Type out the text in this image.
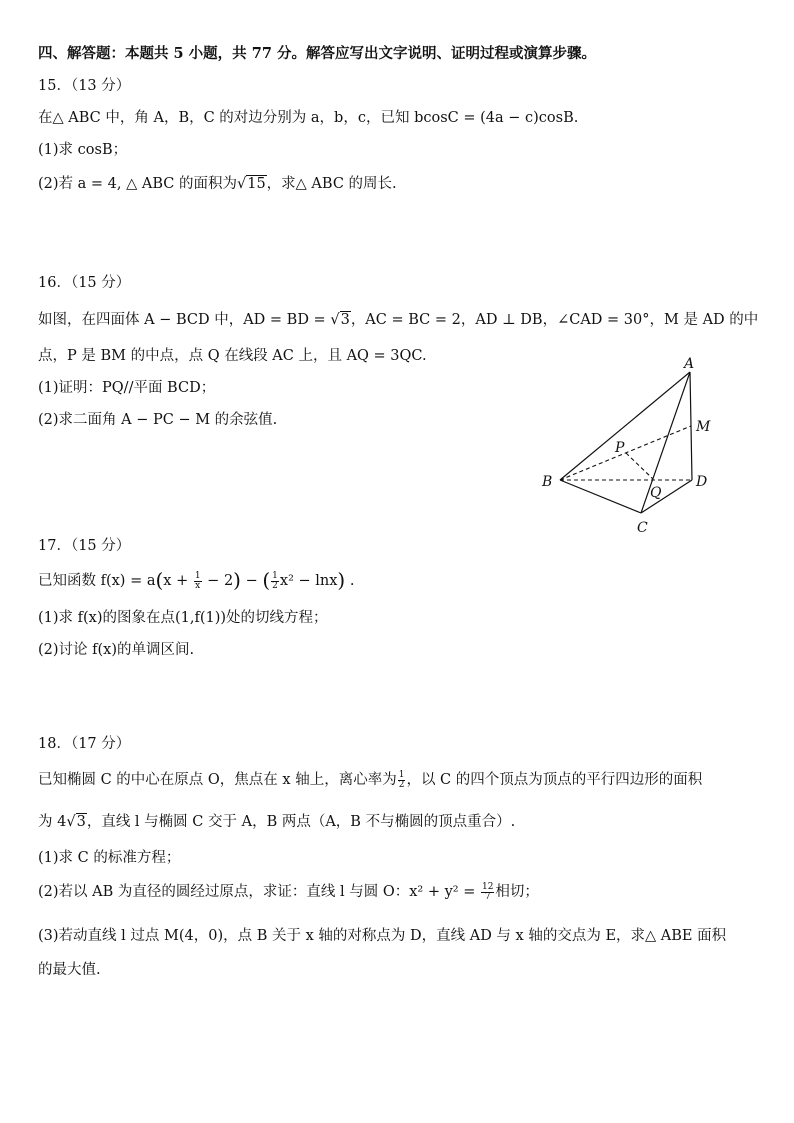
四、解答题：本题共 5 小题，共 77 分。解答应写出文字说明、证明过程或演算步骤。
15．（13 分）
在△ ABC 中，角 A，B，C 的对边分别为 a，b，c，已知 bcosC = (4a − c)cosB.
(1)求 cosB；
(2)若 a = 4, △ ABC 的面积为√15，求△ ABC 的周长.
16．（15 分）
如图，在四面体 A − BCD 中，AD = BD = √3，AC = BC = 2，AD ⊥ DB，∠CAD = 30°，M 是 AD 的中
点，P 是 BM 的中点，点 Q 在线段 AC 上，且 AQ = 3QC.
(1)证明：PQ//平面 BCD；
(2)求二面角 A − PC − M 的余弦值.
A
M
P
B
Q
D
C
17．（15 分）
已知函数 $f(x) = a(x + \frac{1}{x} - 2)$ − ( $\frac{1}{2} x^2 - \ln x$) .
(1)求 f(x)的图象在点(1,f(1))处的切线方程；
(2)讨论 f(x)的单调区间.
18．（17 分）
已知椭圆 C 的中心在原点 O，焦点在 x 轴上，离心率为 $\frac{1}{2}$ ，以 C 的四个顶点为顶点的平行四边形的面积
为 4√3，直线 l 与椭圆 C 交于 A，B 两点（A，B 不与椭圆的顶点重合）.
(1)求 C 的标准方程；
(2)若以 AB 为直径的圆经过原点，求证：直线 l 与圆 O：$x^2 + y^2 = \frac{12}{7}$ 相切；
(3)若动直线 l 过点 M(4，0)，点 B 关于 x 轴的对称点为 D，直线 AD 与 x 轴的交点为 E，求△ ABE 面积
的最大值.
